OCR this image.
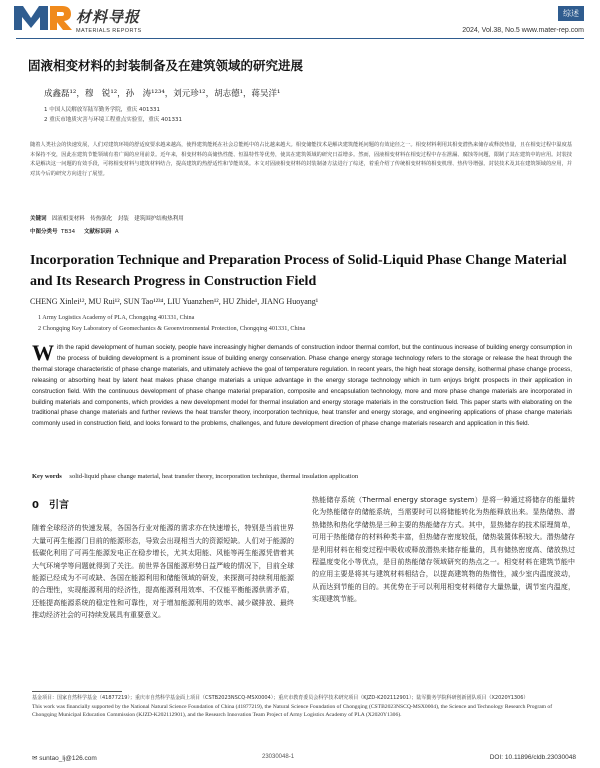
材料导报
MATERIALS REPORTS
综述
2024, Vol.38, No.5 www.mater-rep.com
固液相变材料的封装制备及在建筑领域的研究进展
成鑫磊¹²，穆　锐¹²，孙　涛¹²³⁴，刘元珍¹²，胡志德¹，蒋吴洋¹
1 中国人民解放军陆军勤务学院，重庆 401331
2 重庆市地质灾害与环境工程重点实验室，重庆 401331
随着人类社会的快速发展，人们对建筑环境的舒适度要求越来越高，使得建筑能耗在社会总能耗中的占比越来越大。相变储能技术是解决建筑能耗问题的有效途径之一。相变材料利用其相变潜热来储存或释放热量，且在相变过程中温度基本保持不变，因此在建筑节能领域有着广阔的应用前景。近年来，相变材料的高储热性能、恒温特性等优势，使其在建筑领域的研究日益增多。然而，固液相变材料在相变过程中存在泄漏、腐蚀等问题，限制了其在建筑中的应用。封装技术是解决这一问题的有效手段，可将相变材料与建筑材料结合，提高建筑的热舒适性和节能效果。本文对固液相变材料的封装制备方法进行了综述，着重介绍了传统相变材料的相变机理、热传导增强、封装技术及其在建筑领域的应用，并对其今后的研究方向进行了展望。
关键词 固液相变材料　传热强化　封装　建筑围护结构热利用
中图分类号 TB34 文献标识码 A
Incorporation Technique and Preparation Process of Solid-Liquid Phase Change Material and Its Research Progress in Construction Field
CHENG Xinlei¹², MU Rui¹², SUN Tao¹²³⁴, LIU Yuanzhen¹², HU Zhide¹, JIANG Huoyang¹
1 Army Logistics Academy of PLA, Chongqing 401331, China
2 Chongqing Key Laboratory of Geomechanics & Geoenvironmental Protection, Chongqing 401331, China
W ith the rapid development of human society, people have increasingly higher demands of construction indoor thermal comfort, but the continuous increase of building energy consumption in the process of building development is a prominent issue of building energy conservation. Phase change energy storage technology refers to the storage or release the heat through the thermal storage characteristic of phase change materials, and ultimately achieve the goal of temperature regulation. In recent years, the high heat storage density, isothermal phase change process, releasing or absorbing heat by latent heat makes phase change materials a unique advantage in the energy storage technology which in turn enjoys bright prospects in their application in construction field. With the continuous development of phase change material preparation, composite and encapsulation technology, more and more phase change materials are incorporated in building materials and components, which provides a new development model for thermal insulation and energy storage materials in the construction field. This paper starts with elaborating on the traditional phase change materials and further reviews the heat transfer theory, incorporation technique, heat transfer and energy storage, and engineering applications of phase change materials commonly used in construction field, and looks forward to the problems, challenges, and future development direction of phase change materials research and application in this field.
Key words solid-liquid phase change material, heat transfer theory, incorporation technique, thermal insulation application
0　引言
随着全球经济的快速发展，各国各行业对能源的需求亦在快速增长，特别是当前世界大量可再生能源门目前的能源形态，导致会出现相当大的资源短缺。人们对于能源的低碳化利用了可再生能源发电正在稳步增长，尤其太阳能、风能等再生能源凭借着其大气环境学等问题就得到了关注。前世界各国能源形势日益严峻的情况下，目前全球能源已经成为不可或缺、各国在能源利用和储能领域的研发，来探测可持续利用能源的合理性，实现能源利用的经济性，提高能源利用效率、不仅能平衡能源供需矛盾，还能提高能源系统的稳定性和可靠性，对于增加能源利用的效率、减少碳排放、最终推动经济社会的可持续发展具有重要意义。
热能储存系统（Thermal energy storage system）是将一种通过将储存的能量转化为热能储存的储能系统，当需要时可以将储能转化为热能释放出来。显热储热、潜热储热和热化学储热是三种主要的热能储存方式。其中，显热储存的技术原理简单，可用于热能储存的材料种类丰富，但热储存密度较低，储热装置体积较大。潜热储存是利用材料在相变过程中吸收或释放潜热来储存能量的，具有储热密度高、储放热过程温度变化小等优点，是目前热能储存领域研究的热点之一。相变材料在建筑节能中的应用主要是将其与建筑材料相结合，以提高建筑物的热惰性，减少室内温度波动，从而达到节能的目的。其优势在于可以利用相变材料储存大量热量，调节室内温度，实现建筑节能。
基金项目：国家自然科学基金（41877219）；重庆市自然科学基金面上项目（CSTB2023NSCQ-MSX0004）；重庆市教育委员会科学技术研究项目（KJZD-K202112901）；陆军勤务学院科研创新团队项目（X2020Y1306）
This work was financially supported by the National Natural Science Foundation of China (41877219), the Natural Science Foundation of Chongqing (CSTB2023NSCQ-MSX0004), the Science and Technology Research Program of Chongqing Municipal Education Commission (KJZD-K202112901), and the Research Innovation Team Project of Army Logistics Academy of PLA (X2020Y1306).
✉ suntao_lj@126.com	23030048-1	DOI: 10.11896/cldb.23030048
